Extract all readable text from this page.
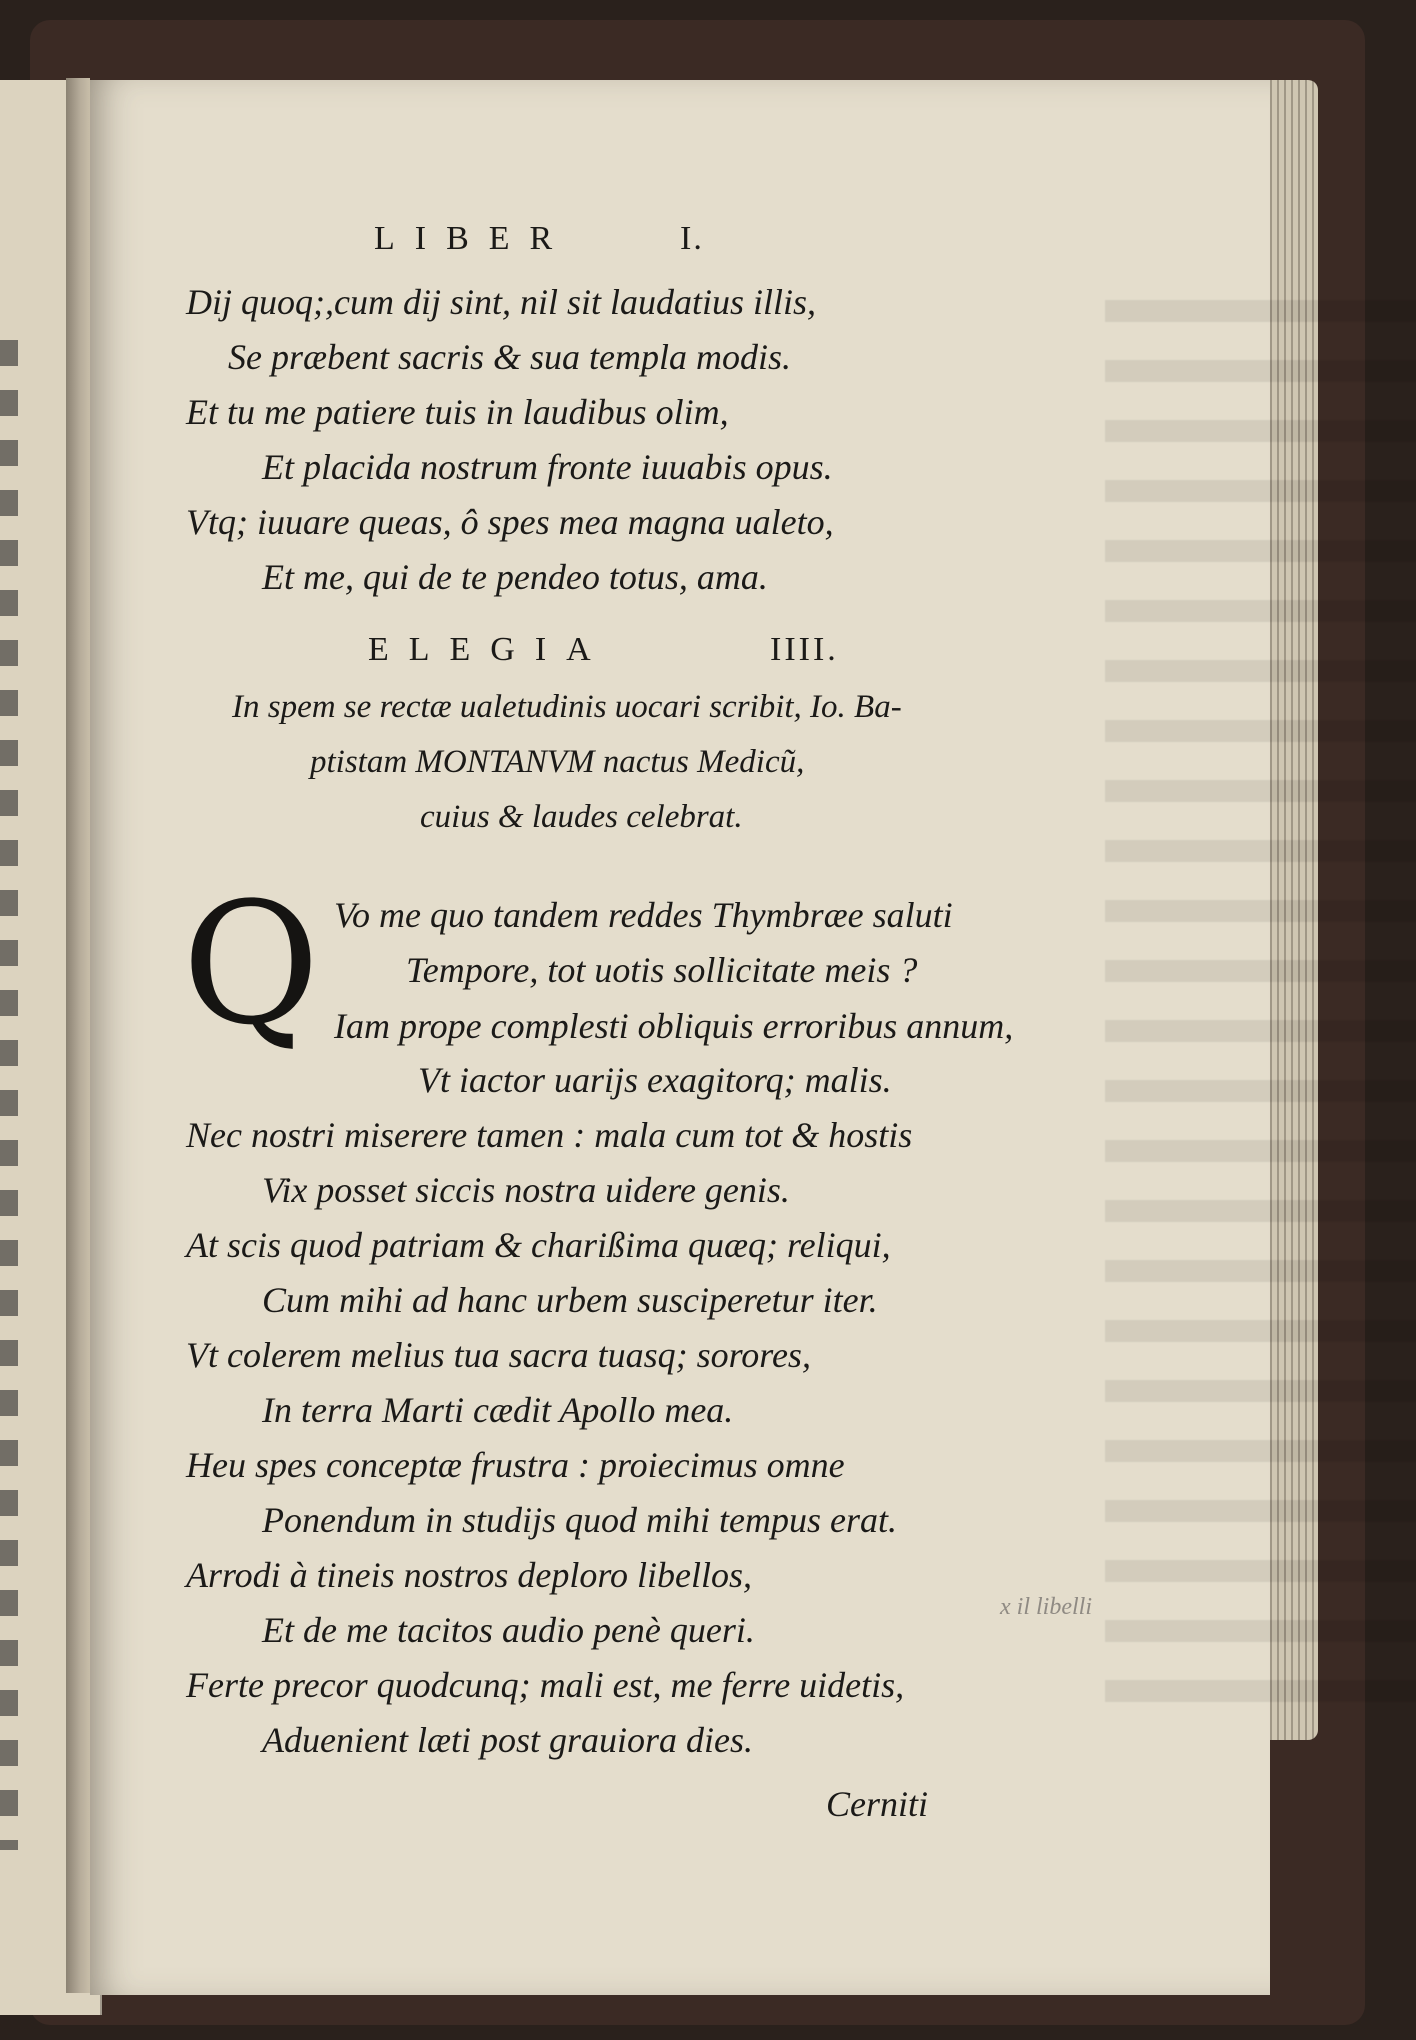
LIBER	I.
Dij quoq;,cum dij sint, nil sit laudatius illis,
Se præbent sacris & sua templa modis.
Et tu me patiere tuis in laudibus olim,
Et placida nostrum fronte iuuabis opus.
Vtq; iuuare queas, ô spes mea magna ualeto,
Et me, qui de te pendeo totus, ama.
ELEGIA	IIII.
In spem se rectæ ualetudinis uocari scribit, Io. Ba-
ptistam MONTANVM nactus Medicũ,
cuius & laudes celebrat.
Q Vo me quo tandem reddes Thymbræe saluti
Tempore, tot uotis sollicitate meis ?
Iam prope complesti obliquis erroribus annum,
Vt iactor uarijs exagitorq; malis.
Nec nostri miserere tamen : mala cum tot & hostis
Vix posset siccis nostra uidere genis.
At scis quod patriam & charißima quæq; reliqui,
Cum mihi ad hanc urbem susciperetur iter.
Vt colerem melius tua sacra tuasq; sorores,
In terra Marti cædit Apollo mea.
Heu spes conceptæ frustra : proiecimus omne
Ponendum in studijs quod mihi tempus erat.
Arrodi à tineis nostros deploro libellos,
Et de me tacitos audio penè queri.
Ferte precor quodcunq; mali est, me ferre uidetis,
Aduenient læti post grauiora dies.
Cerniti
x il libelli
